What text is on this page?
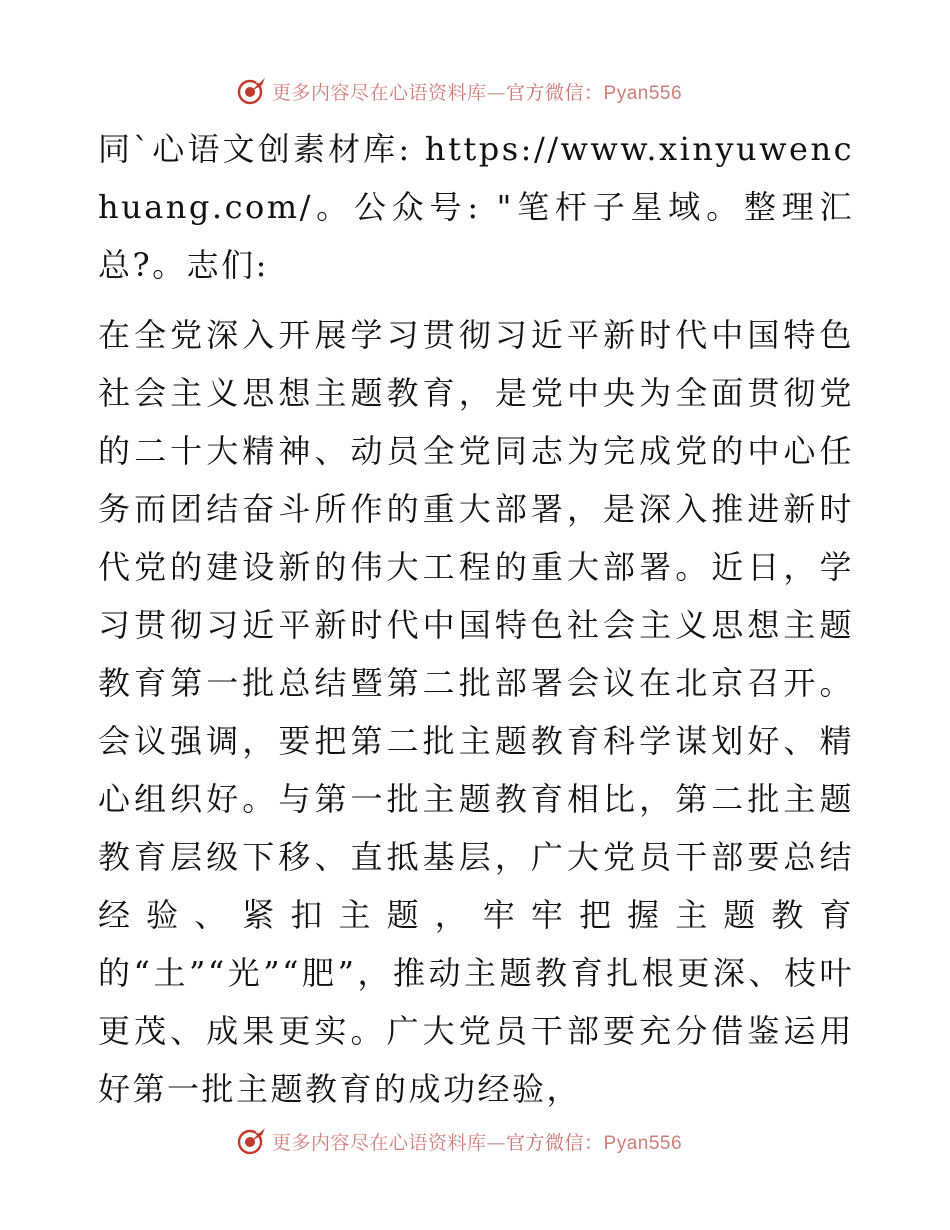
更多内容尽在心语资料库—官方微信：Pyan556

同`心语文创素材库: https://www.xinyuwenchuang.com/。公众号: "笔杆子星域。整理汇总?。志们:

在全党深入开展学习贯彻习近平新时代中国特色社会主义思想主题教育，是党中央为全面贯彻党的二十大精神、动员全党同志为完成党的中心任务而团结奋斗所作的重大部署，是深入推进新时代党的建设新的伟大工程的重大部署。近日，学习贯彻习近平新时代中国特色社会主义思想主题教育第一批总结暨第二批部署会议在北京召开。会议强调，要把第二批主题教育科学谋划好、精心组织好。与第一批主题教育相比，第二批主题教育层级下移、直抵基层，广大党员干部要总结经验、紧扣主题，牢牢把握主题教育的“土”“光”“肥”，推动主题教育扎根更深、枝叶更茂、成果更实。广大党员干部要充分借鉴运用好第一批主题教育的成功经验，

更多内容尽在心语资料库—官方微信：Pyan556
